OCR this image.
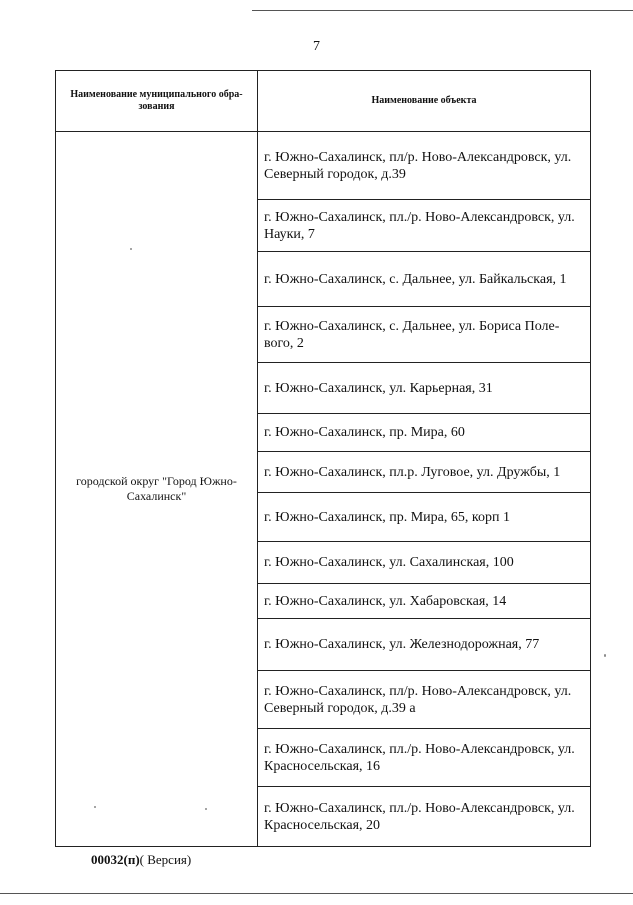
7
Наименование муниципального обра- зования	Наименование объекта
городской округ "Город Южно- Сахалинск"	г. Южно-Сахалинск, пл/р. Ново-Александровск, ул. Северный городок, д.39
	г. Южно-Сахалинск, пл./р. Ново-Александровск, ул. Науки, 7
	г. Южно-Сахалинск, с. Дальнее, ул. Байкальская, 1
	г. Южно-Сахалинск, с. Дальнее, ул. Бориса Поле- вого, 2
	г. Южно-Сахалинск, ул. Карьерная, 31
	г. Южно-Сахалинск, пр. Мира, 60
	г. Южно-Сахалинск, пл.р. Луговое, ул. Дружбы, 1
	г. Южно-Сахалинск, пр. Мира, 65, корп 1
	г. Южно-Сахалинск, ул. Сахалинская, 100
	г. Южно-Сахалинск, ул. Хабаровская, 14
	г. Южно-Сахалинск, ул. Железнодорожная, 77
	г. Южно-Сахалинск, пл/р. Ново-Александровск, ул. Северный городок, д.39 а
	г. Южно-Сахалинск, пл./р. Ново-Александровск, ул. Красносельская, 16
	г. Южно-Сахалинск, пл./р. Ново-Александровск, ул. Красносельская, 20
00032(п)( Версия)
